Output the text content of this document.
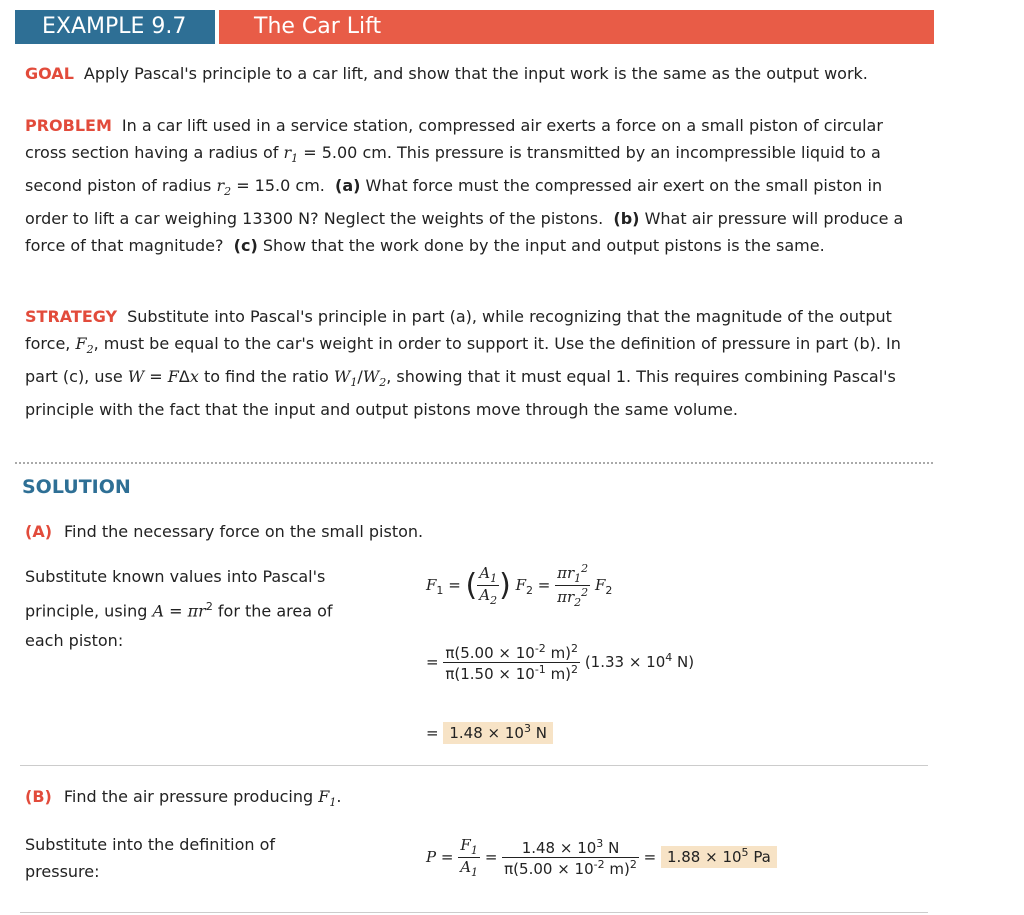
EXAMPLE 9.7	The Car Lift
GOAL Apply Pascal's principle to a car lift, and show that the input work is the same as the output work.
PROBLEM In a car lift used in a service station, compressed air exerts a force on a small piston of circular cross section having a radius of $r_1 = 5.00$ cm. This pressure is transmitted by an incompressible liquid to a second piston of radius $r_2 = 15.0$ cm. (a) What force must the compressed air exert on the small piston in order to lift a car weighing 13300 N? Neglect the weights of the pistons. (b) What air pressure will produce a force of that magnitude? (c) Show that the work done by the input and output pistons is the same.
STRATEGY Substitute into Pascal's principle in part (a), while recognizing that the magnitude of the output force, $F_2$, must be equal to the car's weight in order to support it. Use the definition of pressure in part (b). In part (c), use W = FΔx to find the ratio $W_1/W_2$, showing that it must equal 1. This requires combining Pascal's principle with the fact that the input and output pistons move through the same volume.
SOLUTION
(A) Find the necessary force on the small piston.
Substitute known values into Pascal's principle, using $A = \pi r^2$ for the area of each piston:
$F_1$ = ( $\frac{A_1}{A_2}$ ) $F_2 = \frac{\pi r_1^2}{\pi r_2^2} F_2$
= $\frac{\pi(5.00 \times 10^{-2} m)^2}{\pi(1.50 \times 10^{-1} m)^2} (1.33 \times 10^4$ N)
= $1.48 \times 10^3$ N
(B) Find the air pressure producing $F_1$.
Substitute into the definition of pressure:
$P = \frac{F_1}{A_1} = \frac{1.48 \times 10^3 N}{\pi(5.00 \times 10^{-2} m)^2} = 1.88 \times 10^5$ Pa
